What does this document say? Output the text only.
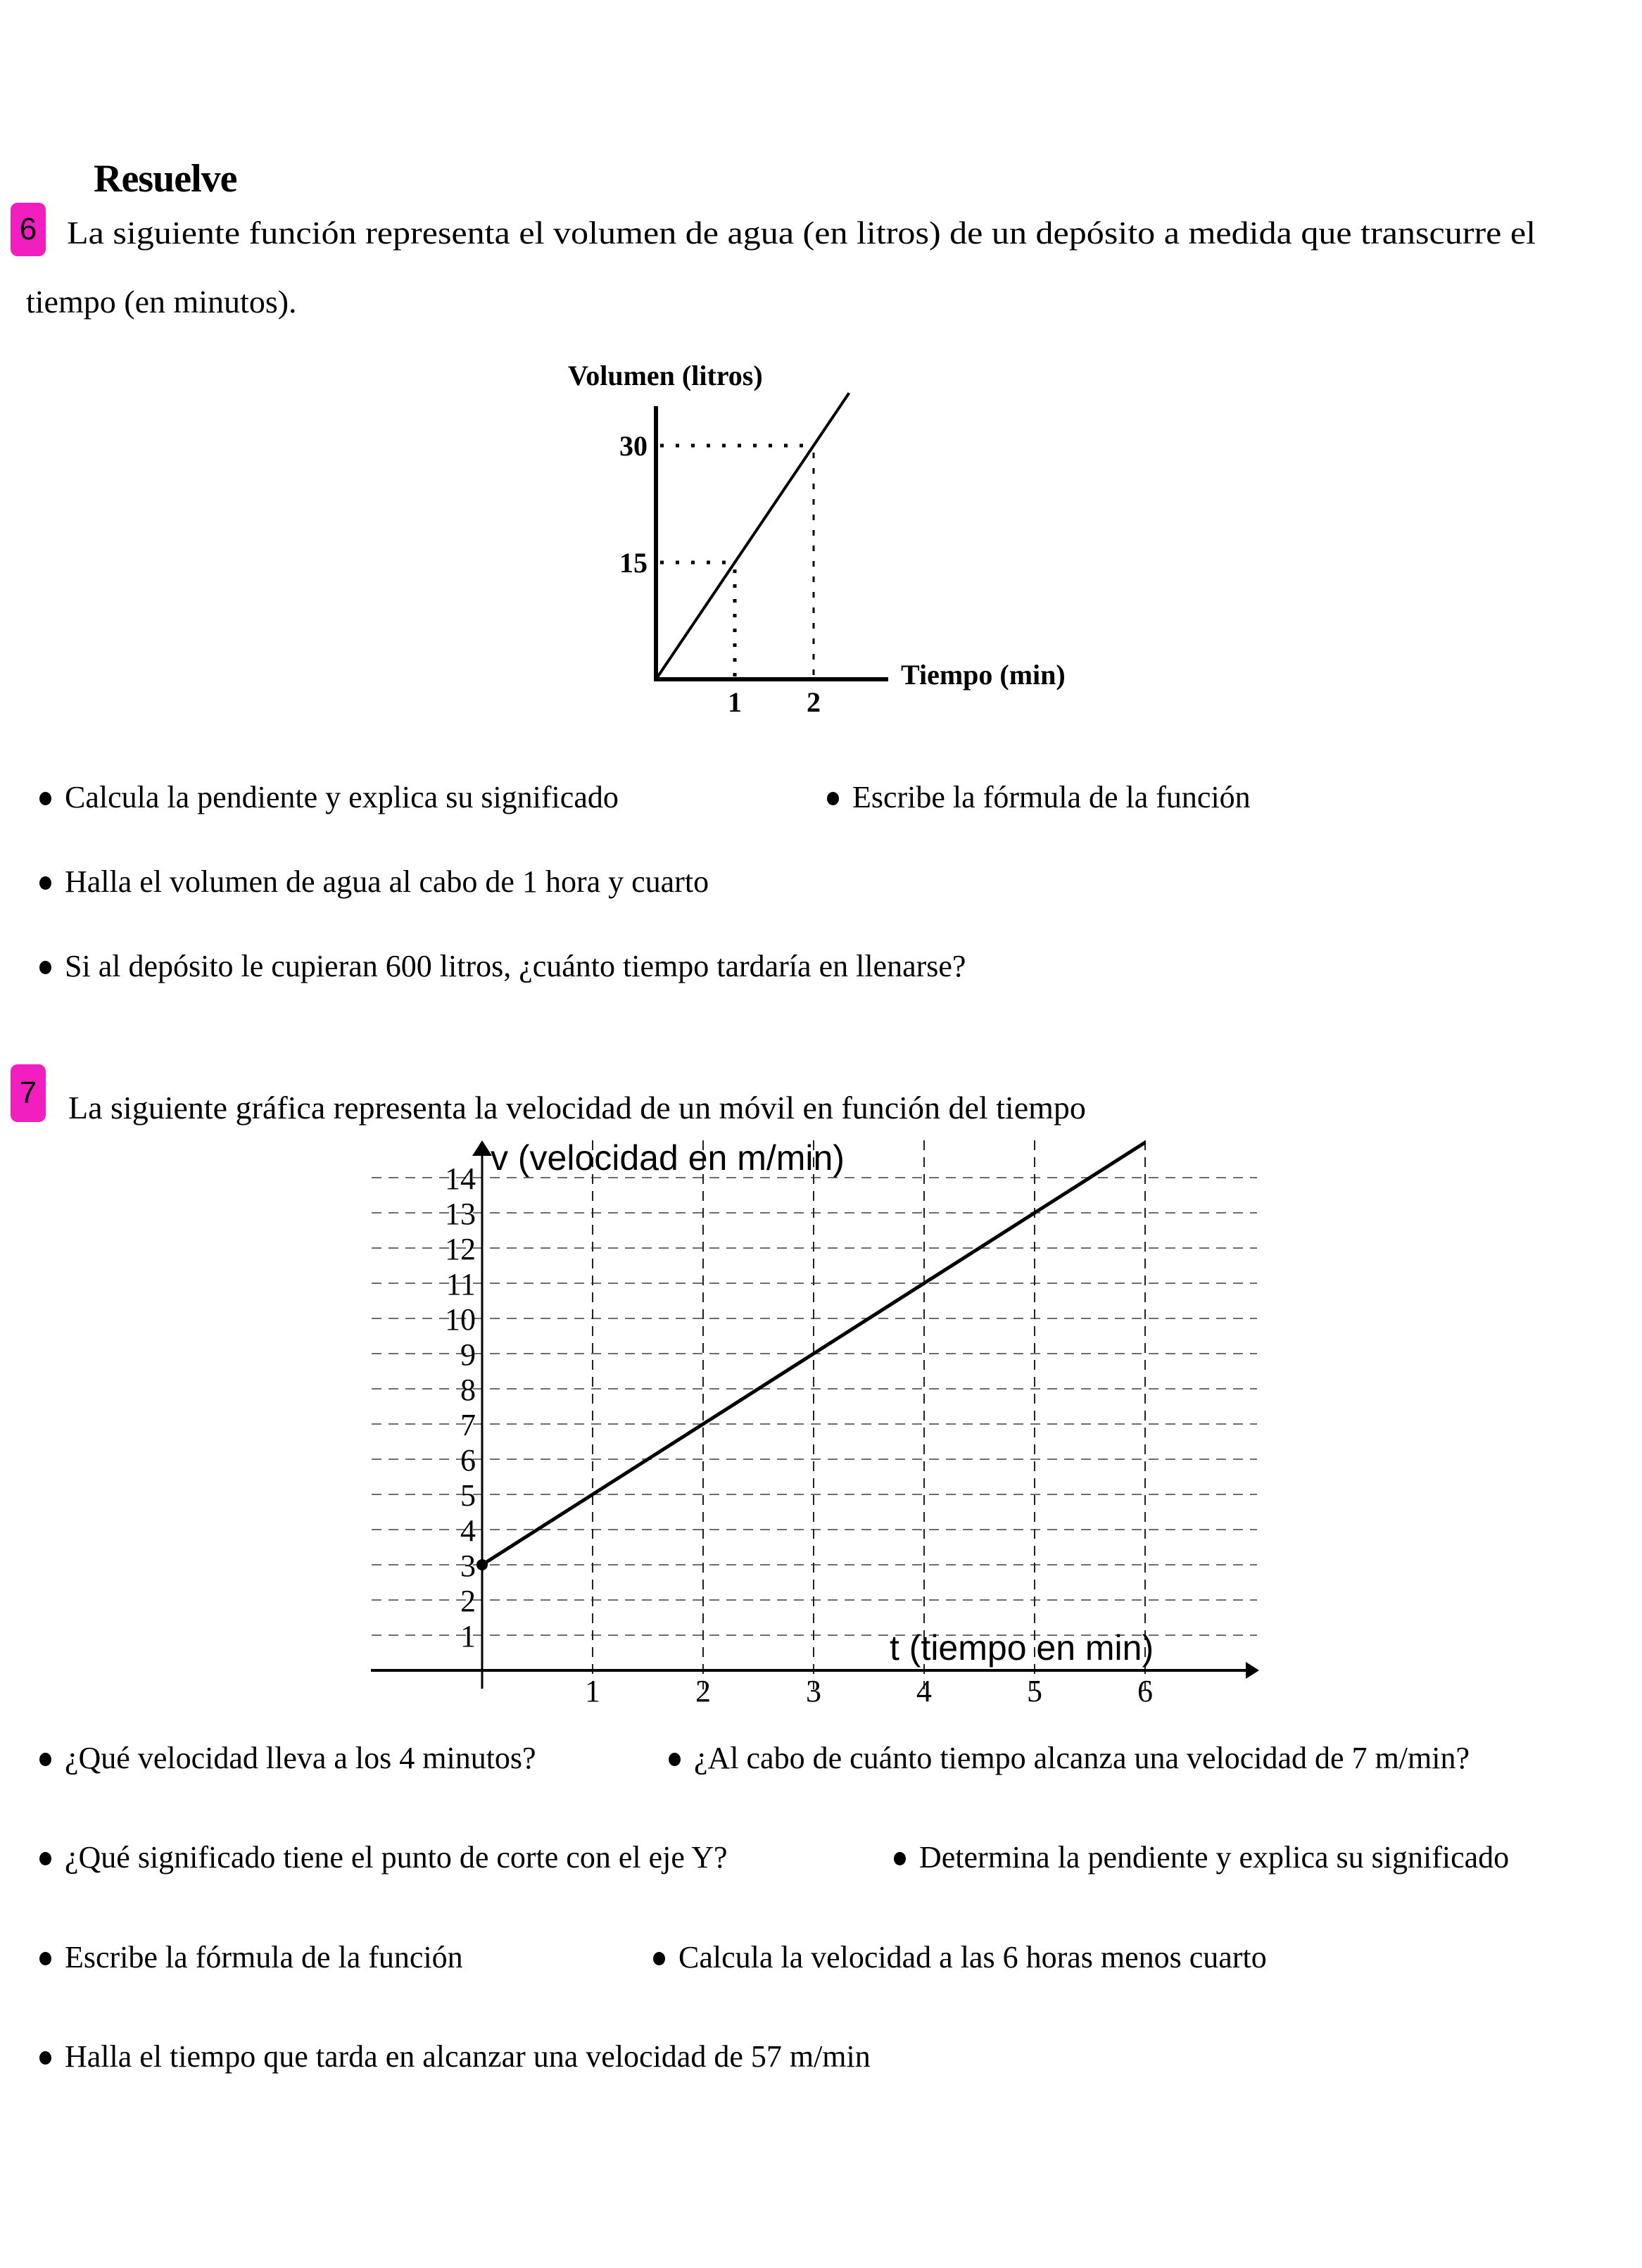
Resuelve
6 La siguiente función representa el volumen de agua (en litros) de un depósito a medida que transcurre el
tiempo (en minutos).
Volumen (litros)
Tiempo (min)
1 2
15
30
Calcula la pendiente y explica su significado	Escribe la fórmula de la función
Halla el volumen de agua al cabo de 1 hora y cuarto
Si al depósito le cupieran 600 litros, ¿cuánto tiempo tardaría en llenarse?
7 La siguiente gráfica representa la velocidad de un móvil en función del tiempo
1	2	3	4	5	6
1
2
3
4
5
6
7
8
9
10
11
12
13
14
v (velocidad en m/min)
t (tiempo en min)
¿Qué velocidad lleva a los 4 minutos?	¿Al cabo de cuánto tiempo alcanza una velocidad de 7 m/min?
¿Qué significado tiene el punto de corte con el eje Y?	Determina la pendiente y explica su significado
Escribe la fórmula de la función	Calcula la velocidad a las 6 horas menos cuarto
Halla el tiempo que tarda en alcanzar una velocidad de 57 m/min
